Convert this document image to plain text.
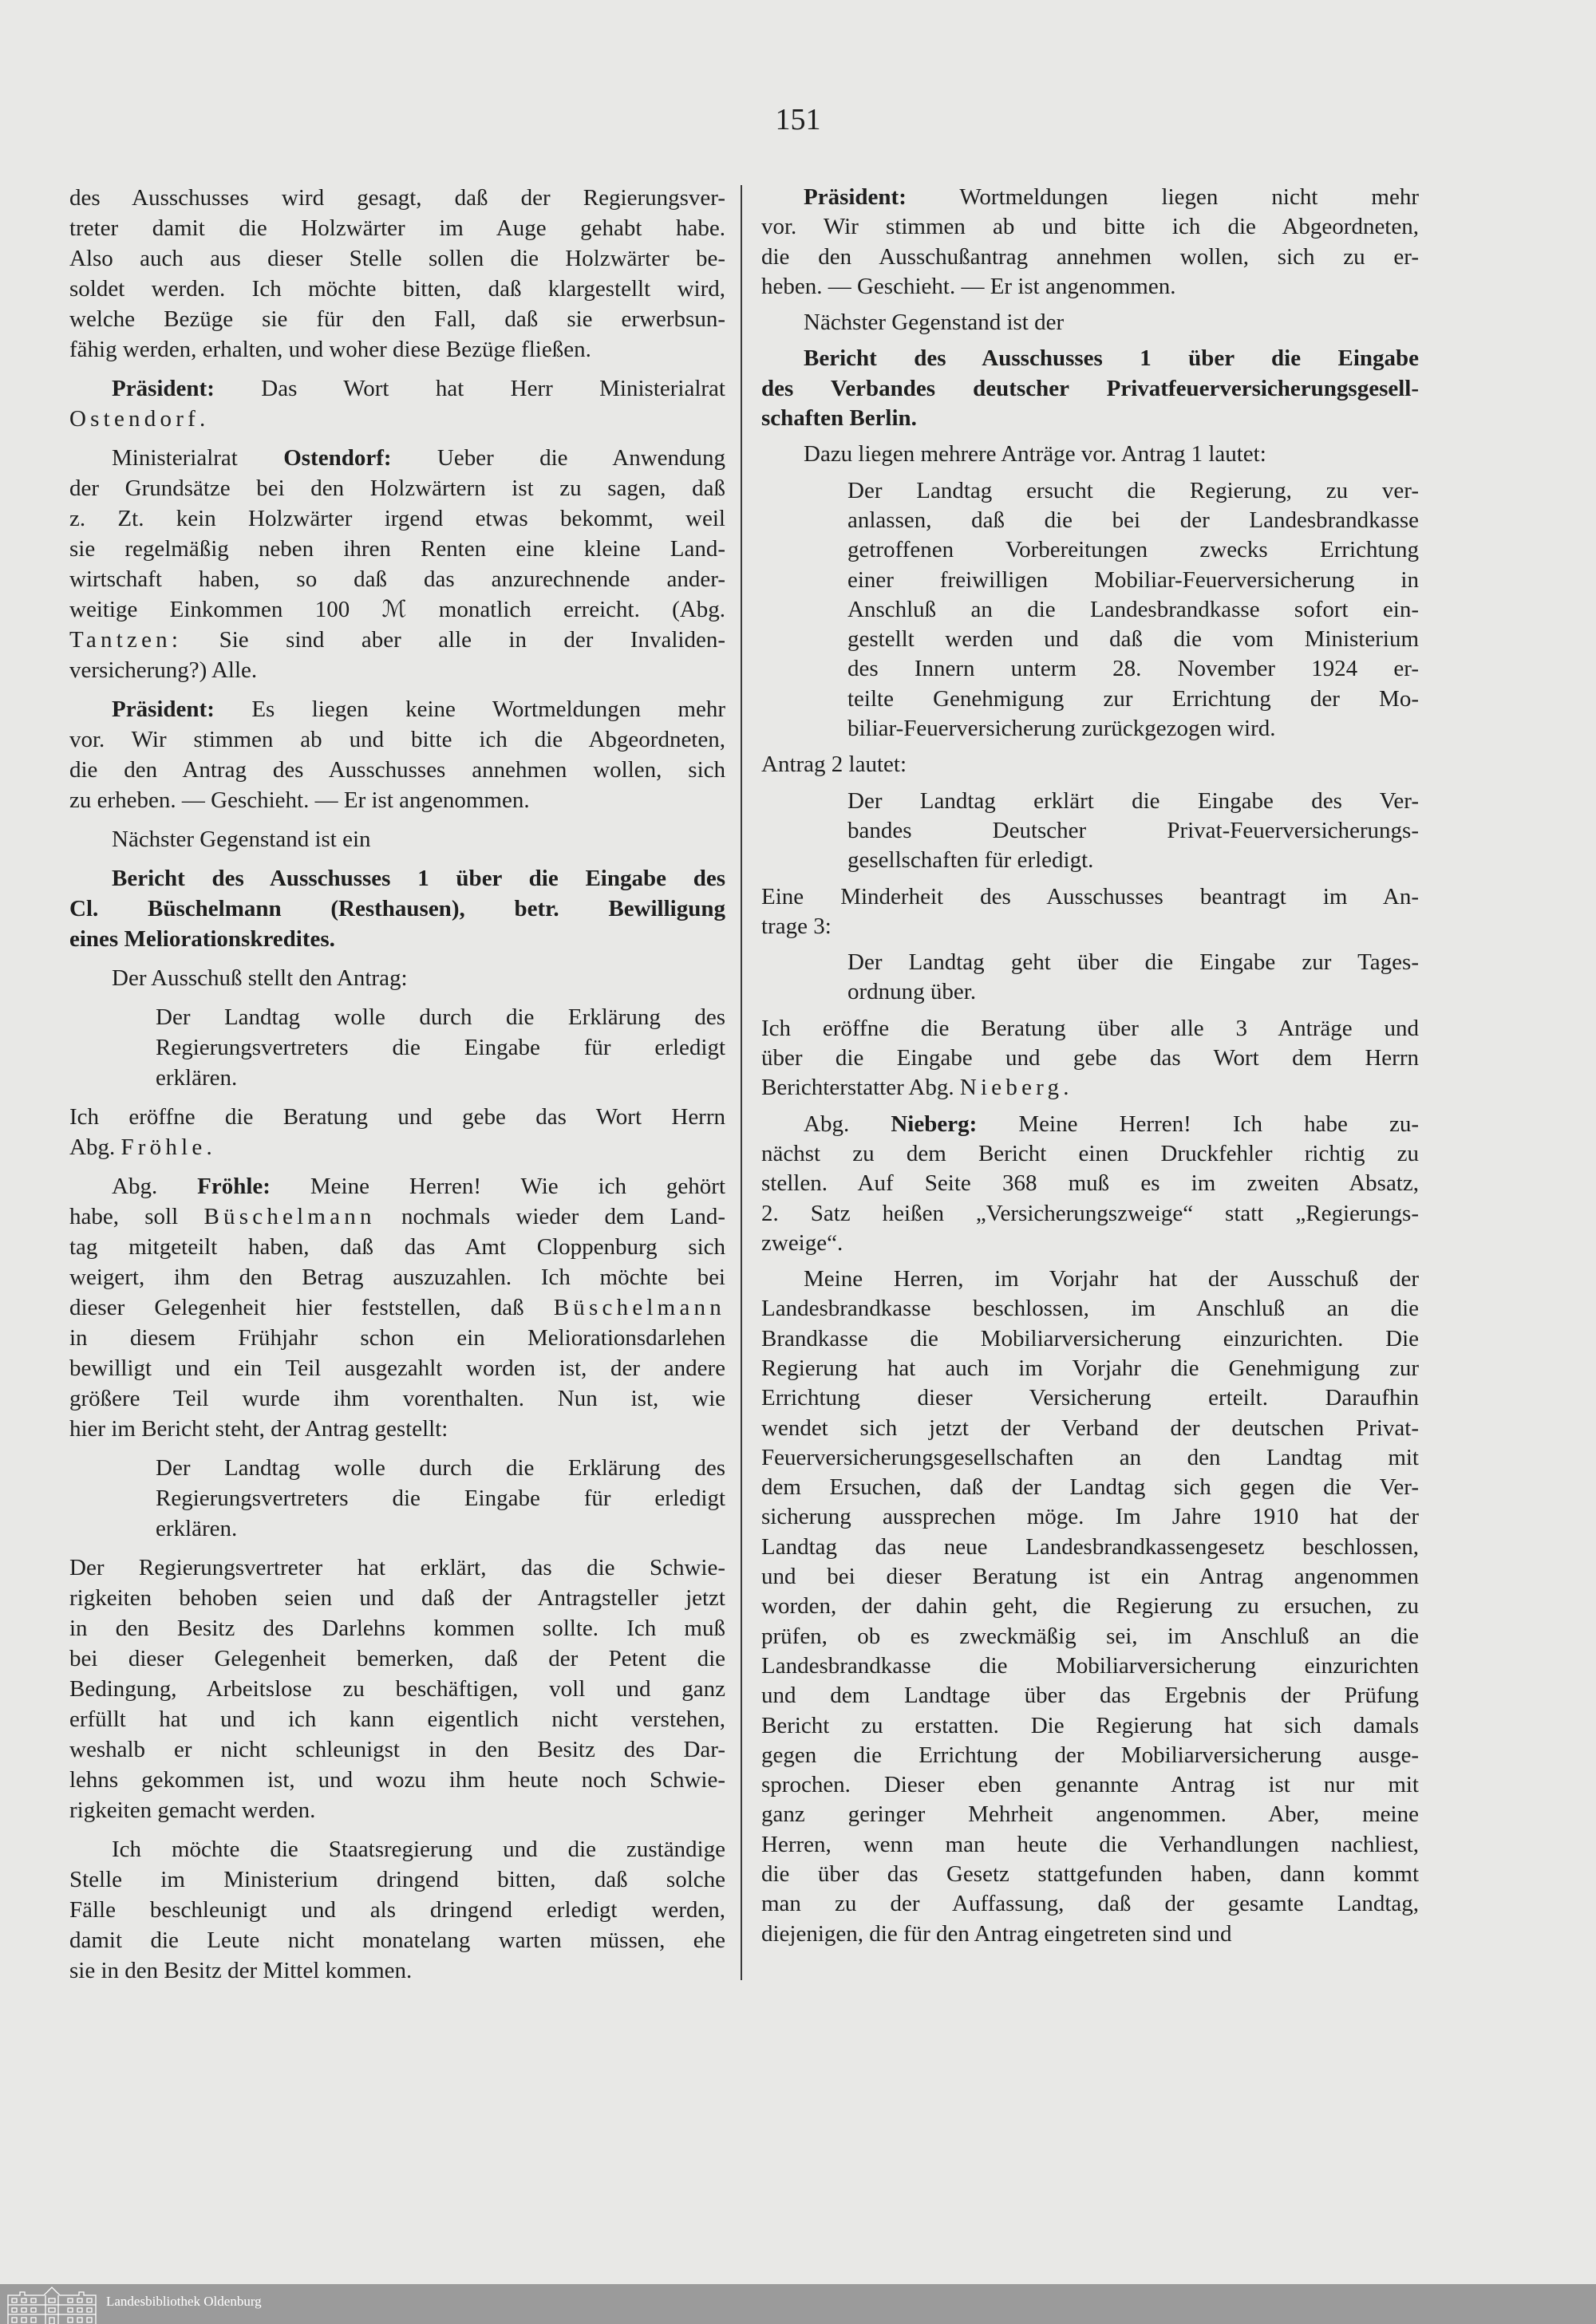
151
des Ausschusses wird gesagt, daß der Regierungsver-
treter damit die Holzwärter im Auge gehabt habe.
Also auch aus dieser Stelle sollen die Holzwärter be-
soldet werden. Ich möchte bitten, daß klargestellt wird,
welche Bezüge sie für den Fall, daß sie erwerbsun-
fähig werden, erhalten, und woher diese Bezüge fließen.
Präsident: Das Wort hat Herr Ministerialrat
Ostendorf.
Ministerialrat Ostendorf: Ueber die Anwendung
der Grundsätze bei den Holzwärtern ist zu sagen, daß
z. Zt. kein Holzwärter irgend etwas bekommt, weil
sie regelmäßig neben ihren Renten eine kleine Land-
wirtschaft haben, so daß das anzurechnende ander-
weitige Einkommen 100 ℳ monatlich erreicht. (Abg.
Tantzen: Sie sind aber alle in der Invaliden-
versicherung?) Alle.
Präsident: Es liegen keine Wortmeldungen mehr
vor. Wir stimmen ab und bitte ich die Abgeordneten,
die den Antrag des Ausschusses annehmen wollen, sich
zu erheben. — Geschieht. — Er ist angenommen.
Nächster Gegenstand ist ein
Bericht des Ausschusses 1 über die Eingabe des
Cl. Büschelmann (Resthausen), betr. Bewilligung
eines Meliorationskredites.
Der Ausschuß stellt den Antrag:
Der Landtag wolle durch die Erklärung des
Regierungsvertreters die Eingabe für erledigt
erklären.
Ich eröffne die Beratung und gebe das Wort Herrn
Abg. Fröhle.
Abg. Fröhle: Meine Herren! Wie ich gehört
habe, soll Büschelmann nochmals wieder dem Land-
tag mitgeteilt haben, daß das Amt Cloppenburg sich
weigert, ihm den Betrag auszuzahlen. Ich möchte bei
dieser Gelegenheit hier feststellen, daß Büschelmann
in diesem Frühjahr schon ein Meliorationsdarlehen
bewilligt und ein Teil ausgezahlt worden ist, der andere
größere Teil wurde ihm vorenthalten. Nun ist, wie
hier im Bericht steht, der Antrag gestellt:
Der Landtag wolle durch die Erklärung des
Regierungsvertreters die Eingabe für erledigt
erklären.
Der Regierungsvertreter hat erklärt, das die Schwie-
rigkeiten behoben seien und daß der Antragsteller jetzt
in den Besitz des Darlehns kommen sollte. Ich muß
bei dieser Gelegenheit bemerken, daß der Petent die
Bedingung, Arbeitslose zu beschäftigen, voll und ganz
erfüllt hat und ich kann eigentlich nicht verstehen,
weshalb er nicht schleunigst in den Besitz des Dar-
lehns gekommen ist, und wozu ihm heute noch Schwie-
rigkeiten gemacht werden.
Ich möchte die Staatsregierung und die zuständige
Stelle im Ministerium dringend bitten, daß solche
Fälle beschleunigt und als dringend erledigt werden,
damit die Leute nicht monatelang warten müssen, ehe
sie in den Besitz der Mittel kommen.
Präsident: Wortmeldungen liegen nicht mehr
vor. Wir stimmen ab und bitte ich die Abgeordneten,
die den Ausschußantrag annehmen wollen, sich zu er-
heben. — Geschieht. — Er ist angenommen.
Nächster Gegenstand ist der
Bericht des Ausschusses 1 über die Eingabe
des Verbandes deutscher Privatfeuerversicherungsgesell-
schaften Berlin.
Dazu liegen mehrere Anträge vor. Antrag 1 lautet:
Der Landtag ersucht die Regierung, zu ver-
anlassen, daß die bei der Landesbrandkasse
getroffenen Vorbereitungen zwecks Errichtung
einer freiwilligen Mobiliar-Feuerversicherung in
Anschluß an die Landesbrandkasse sofort ein-
gestellt werden und daß die vom Ministerium
des Innern unterm 28. November 1924 er-
teilte Genehmigung zur Errichtung der Mo-
biliar-Feuerversicherung zurückgezogen wird.
Antrag 2 lautet:
Der Landtag erklärt die Eingabe des Ver-
bandes Deutscher Privat-Feuerversicherungs-
gesellschaften für erledigt.
Eine Minderheit des Ausschusses beantragt im An-
trage 3:
Der Landtag geht über die Eingabe zur Tages-
ordnung über.
Ich eröffne die Beratung über alle 3 Anträge und
über die Eingabe und gebe das Wort dem Herrn
Berichterstatter Abg. Nieberg.
Abg. Nieberg: Meine Herren! Ich habe zu-
nächst zu dem Bericht einen Druckfehler richtig zu
stellen. Auf Seite 368 muß es im zweiten Absatz,
2. Satz heißen „Versicherungszweige“ statt „Regierungs-
zweige“.
Meine Herren, im Vorjahr hat der Ausschuß der
Landesbrandkasse beschlossen, im Anschluß an die
Brandkasse die Mobiliarversicherung einzurichten. Die
Regierung hat auch im Vorjahr die Genehmigung zur
Errichtung dieser Versicherung erteilt. Daraufhin
wendet sich jetzt der Verband der deutschen Privat-
Feuerversicherungsgesellschaften an den Landtag mit
dem Ersuchen, daß der Landtag sich gegen die Ver-
sicherung aussprechen möge. Im Jahre 1910 hat der
Landtag das neue Landesbrandkassengesetz beschlossen,
und bei dieser Beratung ist ein Antrag angenommen
worden, der dahin geht, die Regierung zu ersuchen, zu
prüfen, ob es zweckmäßig sei, im Anschluß an die
Landesbrandkasse die Mobiliarversicherung einzurichten
und dem Landtage über das Ergebnis der Prüfung
Bericht zu erstatten. Die Regierung hat sich damals
gegen die Errichtung der Mobiliarversicherung ausge-
sprochen. Dieser eben genannte Antrag ist nur mit
ganz geringer Mehrheit angenommen. Aber, meine
Herren, wenn man heute die Verhandlungen nachliest,
die über das Gesetz stattgefunden haben, dann kommt
man zu der Auffassung, daß der gesamte Landtag,
diejenigen, die für den Antrag eingetreten sind und
Landesbibliothek Oldenburg
